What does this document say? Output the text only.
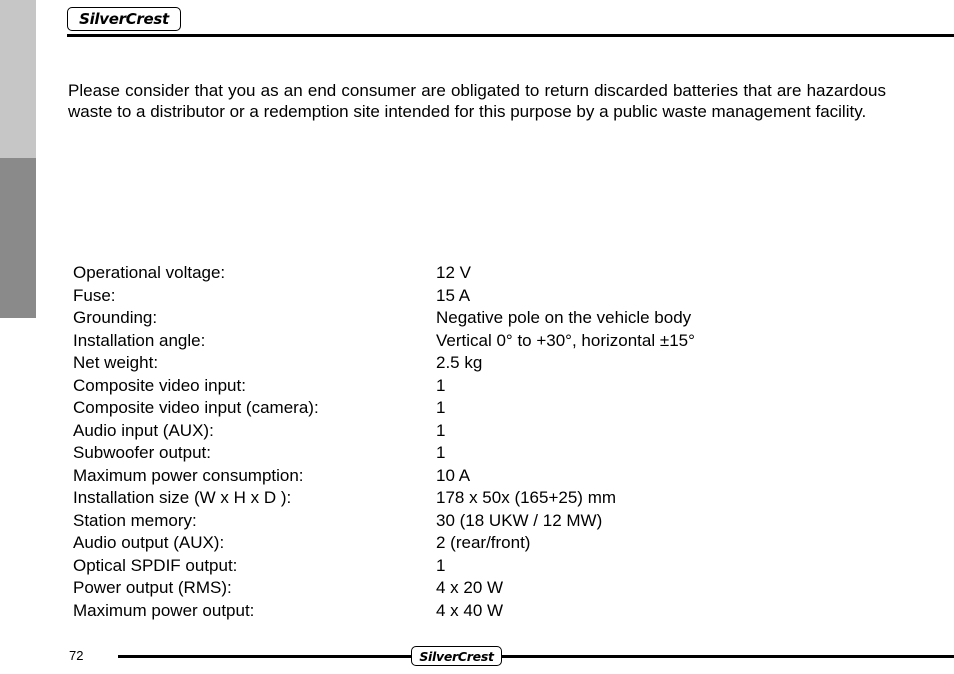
SilverCrest

Please consider that you as an end consumer are obligated to return discarded batteries that are hazardous waste to a distributor or a redemption site intended for this purpose by a public waste management facility.

Operational voltage:	12 V
Fuse:	15 A
Grounding:	Negative pole on the vehicle body
Installation angle:	Vertical 0° to +30°, horizontal ±15°
Net weight:	2.5 kg
Composite video input:	1
Composite video input (camera):	1
Audio input (AUX):	1
Subwoofer output:	1
Maximum power consumption:	10 A
Installation size (W x H x D ):	178 x 50x (165+25) mm
Station memory:	30 (18 UKW / 12 MW)
Audio output (AUX):	2 (rear/front)
Optical SPDIF output:	1
Power output (RMS):	4 x 20 W
Maximum power output:	4 x 40 W
72	SilverCrest
